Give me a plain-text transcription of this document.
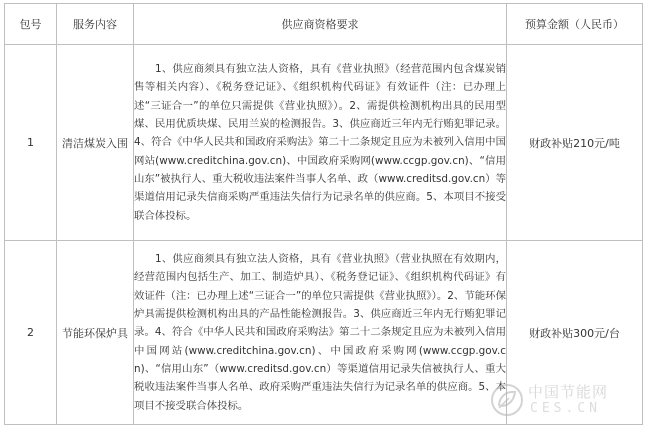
包号	服务内容	供应商资格要求	预算金额（人民币）
1	清洁煤炭入围	1、供应商须具有独立法人资格，具有《营业执照》（经营范围内包含煤炭销售等相关内容）、《税务登记证》、《组织机构代码证》有效证件（注：已办理上述“三证合一”的单位只需提供《营业执照》）。2、需提供检测机构出具的民用型煤、民用优质块煤、民用兰炭的检测报告。3、供应商近三年内无行贿犯罪记录。4、符合《中华人民共和国政府采购法》第二十二条规定且应为未被列入信用中国网站(www.creditchina.gov.cn)、中国政府采购网(www.ccgp.gov.cn)、“信用山东”被执行人、重大税收违法案件当事人名单、政（www.creditsd.gov.cn）等渠道信用记录失信商采购严重违法失信行为记录名单的供应商。5、本项目不接受联合体投标。	财政补贴210元/吨
2	节能环保炉具	1、供应商须具有独立法人资格，具有《营业执照》（营业执照在有效期内，经营范围内包括生产、加工、制造炉具）、《税务登记证》、《组织机构代码证》有效证件（注：已办理上述“三证合一”的单位只需提供《营业执照》）。2、节能环保炉具需提供检测机构出具的产品性能检测报告。3、供应商近三年内无行贿犯罪记录。4、符合《中华人民共和国政府采购法》第二十二条规定且应为未被列入信用中国网站(www.creditchina.gov.cn)、中国政府采购网(www.ccgp.gov.cn)、“信用山东”（www.creditsd.gov.cn）等渠道信用记录失信被执行人、重大税收违法案件当事人名单、政府采购严重违法失信行为记录名单的供应商。5、本项目不接受联合体投标。	财政补贴300元/台
中国节能网
CES.CN
